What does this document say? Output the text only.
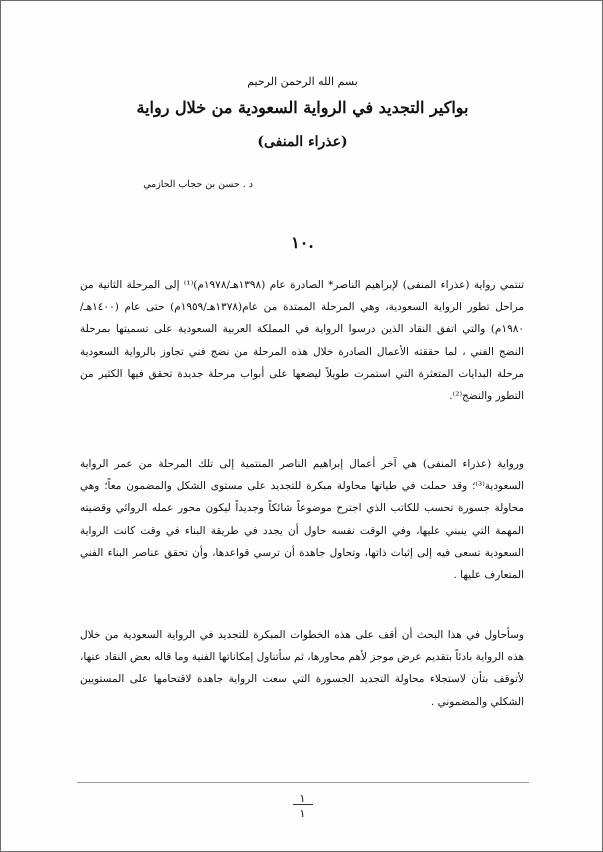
بسم الله الرحمن الرحيم
بواكير التجديد في الرواية السعودية من خلال رواية
(عذراء المنفى)
د . حسن بن حجاب الحازمي
.١٠

تنتمي رواية (عذراء المنفى) لإبراهيم الناصر* الصادرة عام (١٣٩٨هـ/١٩٧٨م)⁽¹⁾ إلى المرحلة الثانية من مراحل تطور الرواية السعودية، وهي المرحلة الممتدة من عام(١٣٧٨هـ/١٩٥٩م) حتى عام (١٤٠٠هـ/١٩٨٠م) والتي اتفق النقاد الذين درسوا الرواية في المملكة العربية السعودية على تسميتها بمرحلة النضج الفني ، لما حققته الأعمال الصادرة خلال هذه المرحلة من نضج فني تجاوز بالرواية السعودية مرحلة البدايات المتعثرة التي استمرت طويلاً ليضعها على أبواب مرحلة جديدة تحقق فيها الكثير من التطور والنضج⁽²⁾.

ورواية (عذراء المنفى) هي آخر أعمال إبراهيم الناصر المنتمية إلى تلك المرحلة من عمر الرواية السعودية⁽³⁾؛ وقد حملت في طياتها محاولة مبكرة للتجديد على مستوى الشكل والمضمون معاً؛ وهي محاولة جسورة تحسب للكاتب الذي اجترح موضوعاً شائكاً وجديداً ليكون محور عمله الروائي وقضيته المهمة التي ينبني عليها، وفي الوقت نفسه حاول أن يجدد في طريقة البناء في وقت كانت الرواية السعودية تسعى فيه إلى إثبات ذاتها، وتحاول جاهدة أن ترسي قواعدها، وأن تحقق عناصر البناء الفني المتعارف عليها .

وسأحاول في هذا البحث أن أقف على هذه الخطوات المبكرة للتجديد في الرواية السعودية من خلال هذه الرواية بادئاً بتقديم عرض موجز لأهم محاورها، ثم سأتناول إمكاناتها الفنية وما قاله بعض النقاد عنها، لأتوقف بتأن لاستجلاء محاولة التجديد الجسورة التي سعت الرواية جاهدة لاقتحامها على المستويين الشكلي والمضموني .

١
١
